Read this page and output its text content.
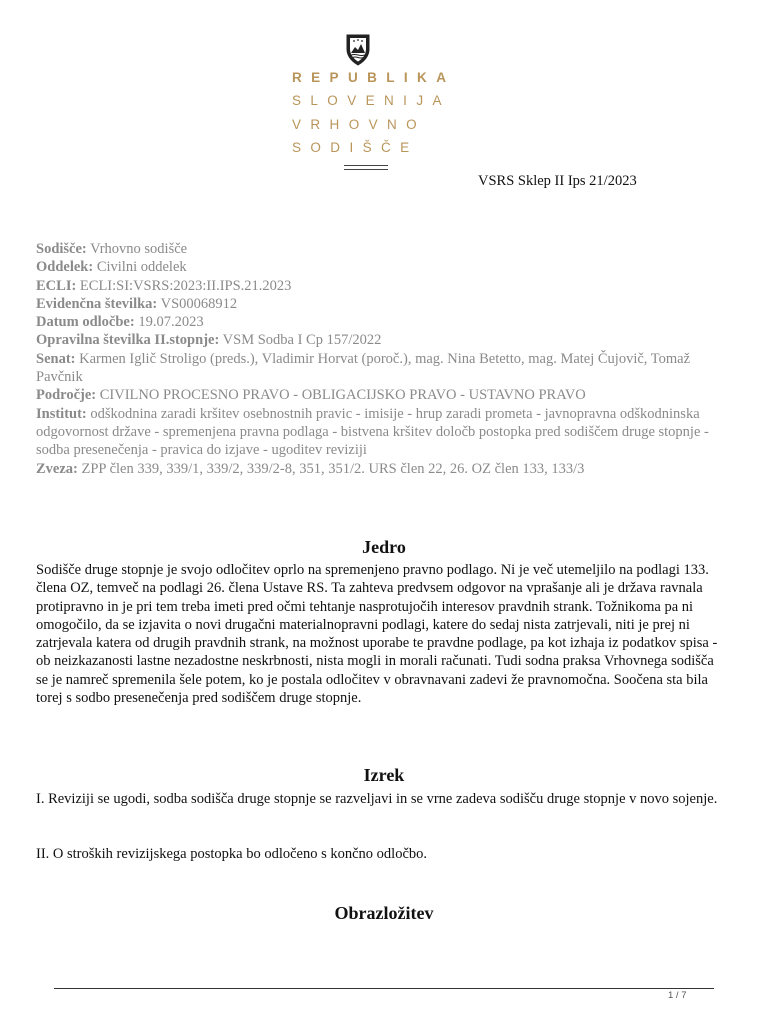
REPUBLIKA
SLOVENIJA
VRHOVNO
SODIŠČE
VSRS Sklep II Ips 21/2023

Sodišče: Vrhovno sodišče

Oddelek: Civilni oddelek

ECLI: ECLI:SI:VSRS:2023:II.IPS.21.2023

Evidenčna številka: VS00068912

Datum odločbe: 19.07.2023

Opravilna številka II.stopnje: VSM Sodba I Cp 157/2022

Senat: Karmen Iglič Stroligo (preds.), Vladimir Horvat (poroč.), mag. Nina Betetto, mag. Matej Čujovič, Tomaž Pavčnik

Področje: CIVILNO PROCESNO PRAVO - OBLIGACIJSKO PRAVO - USTAVNO PRAVO

Institut: odškodnina zaradi kršitev osebnostnih pravic - imisije - hrup zaradi prometa - javnopravna odškodninska odgovornost države - spremenjena pravna podlaga - bistvena kršitev določb postopka pred sodiščem druge stopnje - sodba presenečenja - pravica do izjave - ugoditev reviziji

Zveza: ZPP člen 339, 339/1, 339/2, 339/2-8, 351, 351/2. URS člen 22, 26. OZ člen 133, 133/3

Jedro

Sodišče druge stopnje je svojo odločitev oprlo na spremenjeno pravno podlago. Ni je več utemeljilo na podlagi 133. člena OZ, temveč na podlagi 26. člena Ustave RS. Ta zahteva predvsem odgovor na vprašanje ali je država ravnala protipravno in je pri tem treba imeti pred očmi tehtanje nasprotujočih interesov pravdnih strank. Tožnikoma pa ni omogočilo, da se izjavita o novi drugačni materialnopravni podlagi, katere do sedaj nista zatrjevali, niti je prej ni zatrjevala katera od drugih pravdnih strank, na možnost uporabe te pravdne podlage, pa kot izhaja iz podatkov spisa - ob neizkazanosti lastne nezadostne neskrbnosti, nista mogli in morali računati. Tudi sodna praksa Vrhovnega sodišča se je namreč spremenila šele potem, ko je postala odločitev v obravnavani zadevi že pravnomočna. Soočena sta bila torej s sodbo presenečenja pred sodiščem druge stopnje.

Izrek

I. Reviziji se ugodi, sodba sodišča druge stopnje se razveljavi in se vrne zadeva sodišču druge stopnje v novo sojenje.

II. O stroških revizijskega postopka bo odločeno s končno odločbo.

Obrazložitev
1 / 7
